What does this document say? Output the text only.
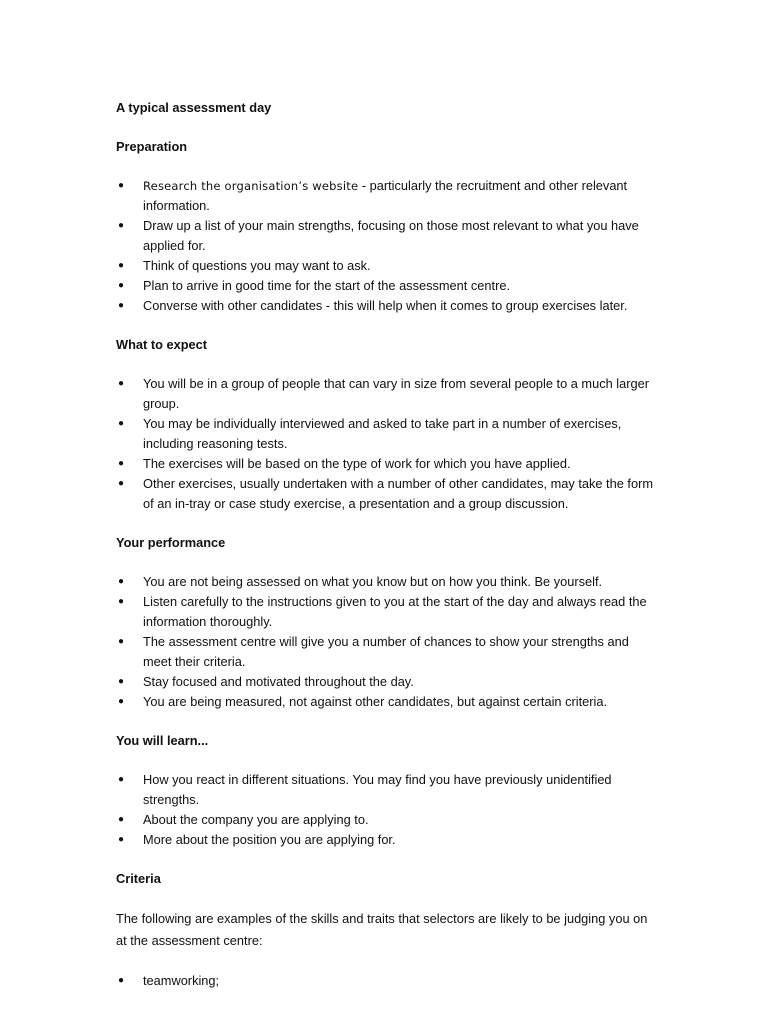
A typical assessment day
Preparation
● Research the organisation’s website - particularly the recruitment and other relevant information.
● Draw up a list of your main strengths, focusing on those most relevant to what you have applied for.
● Think of questions you may want to ask.
● Plan to arrive in good time for the start of the assessment centre.
● Converse with other candidates - this will help when it comes to group exercises later.
What to expect
● You will be in a group of people that can vary in size from several people to a much larger group.
● You may be individually interviewed and asked to take part in a number of exercises, including reasoning tests.
● The exercises will be based on the type of work for which you have applied.
● Other exercises, usually undertaken with a number of other candidates, may take the form of an in-tray or case study exercise, a presentation and a group discussion.
Your performance
● You are not being assessed on what you know but on how you think. Be yourself.
● Listen carefully to the instructions given to you at the start of the day and always read the information thoroughly.
● The assessment centre will give you a number of chances to show your strengths and meet their criteria.
● Stay focused and motivated throughout the day.
● You are being measured, not against other candidates, but against certain criteria.
You will learn...
● How you react in different situations. You may find you have previously unidentified strengths.
● About the company you are applying to.
● More about the position you are applying for.
Criteria

The following are examples of the skills and traits that selectors are likely to be judging you on at the assessment centre:

● teamworking;
